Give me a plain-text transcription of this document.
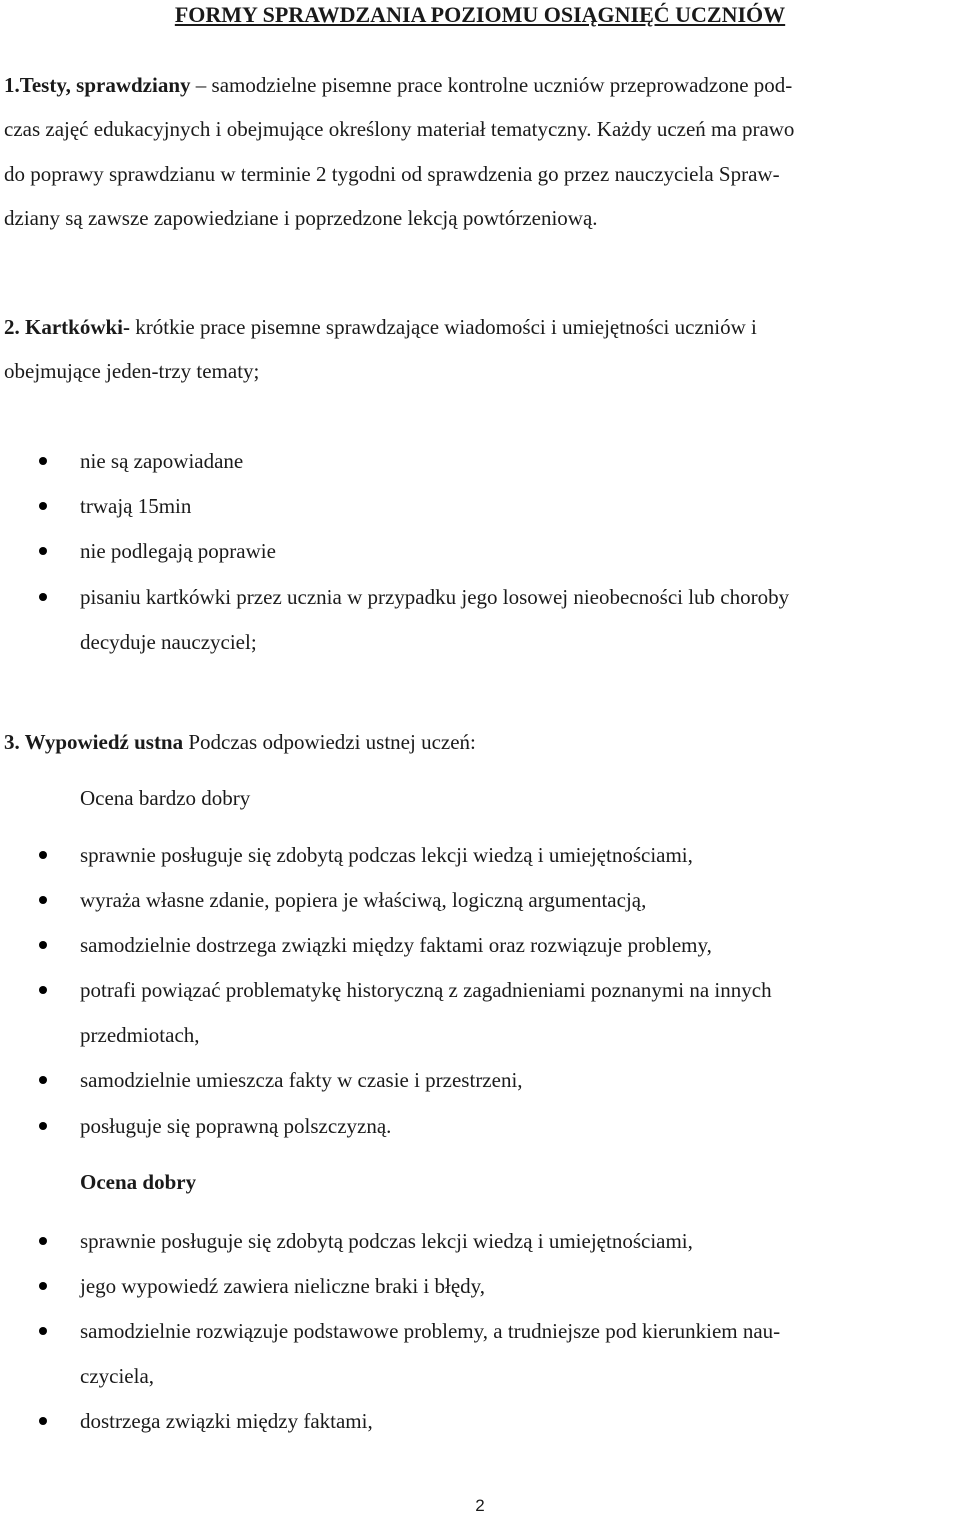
FORMY SPRAWDZANIA POZIOMU OSIĄGNIĘĆ UCZNIÓW
1.Testy, sprawdziany – samodzielne pisemne prace kontrolne uczniów przeprowadzone pod-
czas zajęć edukacyjnych i obejmujące określony materiał tematyczny. Każdy uczeń ma prawo
do poprawy sprawdzianu w terminie 2 tygodni od sprawdzenia go przez nauczyciela Spraw-
dziany są zawsze zapowiedziane i poprzedzone lekcją powtórzeniową.
2. Kartkówki- krótkie prace pisemne sprawdzające wiadomości i umiejętności uczniów i
obejmujące jeden-trzy tematy;
nie są zapowiadane
trwają 15min
nie podlegają poprawie
pisaniu kartkówki przez ucznia w przypadku jego losowej nieobecności lub choroby
decyduje nauczyciel;
3. Wypowiedź ustna Podczas odpowiedzi ustnej uczeń:
Ocena bardzo dobry
sprawnie posługuje się zdobytą podczas lekcji wiedzą i umiejętnościami,
wyraża własne zdanie, popiera je właściwą, logiczną argumentacją,
samodzielnie dostrzega związki między faktami oraz rozwiązuje problemy,
potrafi powiązać problematykę historyczną z zagadnieniami poznanymi na innych
przedmiotach,
samodzielnie umieszcza fakty w czasie i przestrzeni,
posługuje się poprawną polszczyzną.
Ocena dobry
sprawnie posługuje się zdobytą podczas lekcji wiedzą i umiejętnościami,
jego wypowiedź zawiera nieliczne braki i błędy,
samodzielnie rozwiązuje podstawowe problemy, a trudniejsze pod kierunkiem nau-
czyciela,
dostrzega związki między faktami,
2
